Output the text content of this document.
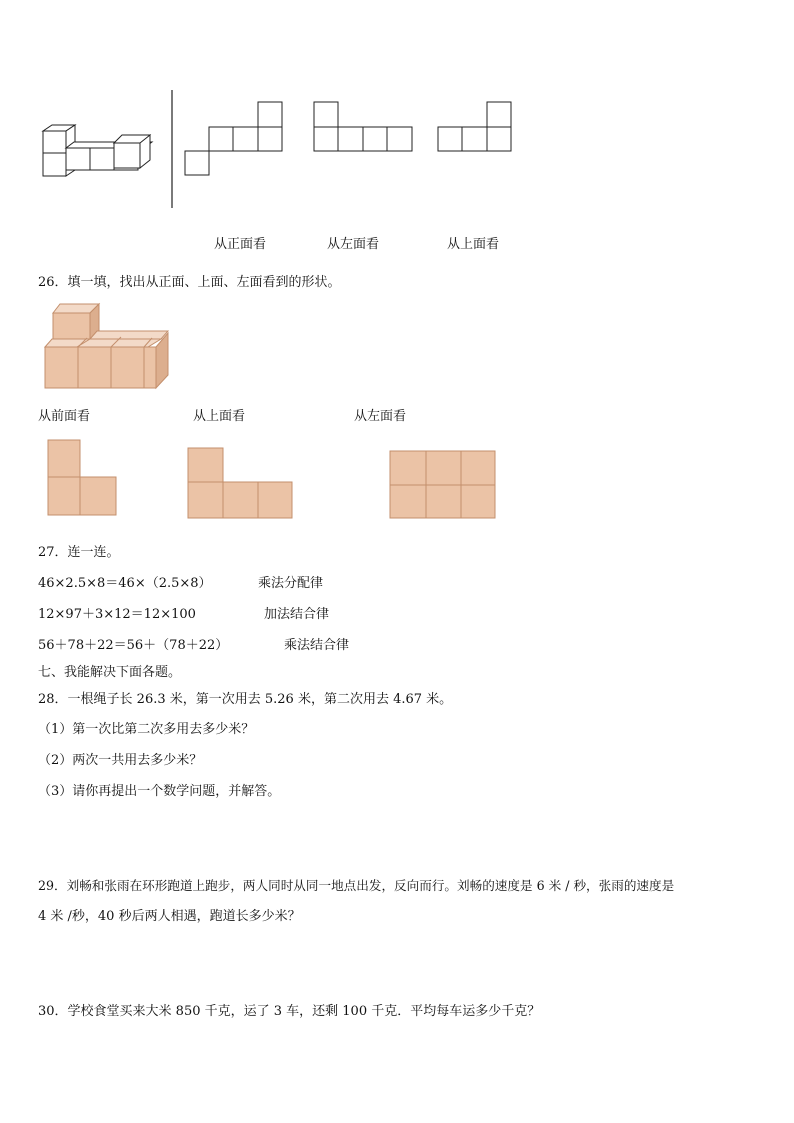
从正面看	从左面看	从上面看
26．填一填，找出从正面、上面、左面看到的形状。
从前面看	从上面看	从左面看
27．连一连。
46×2.5×8＝46×（2.5×8）	乘法分配律
12×97＋3×12＝12×100	加法结合律
56＋78＋22＝56＋（78＋22）	乘法结合律
七、我能解决下面各题。
28．一根绳子长 26.3 米，第一次用去 5.26 米，第二次用去 4.67 米。
（1）第一次比第二次多用去多少米？
（2）两次一共用去多少米？
（3）请你再提出一个数学问题，并解答。
29．刘畅和张雨在环形跑道上跑步，两人同时从同一地点出发，反向而行。刘畅的速度是 6 米 / 秒，张雨的速度是
4 米 /秒，40 秒后两人相遇，跑道长多少米？
30．学校食堂买来大米 850 千克，运了 3 车，还剩 100 千克．平均每车运多少千克？
